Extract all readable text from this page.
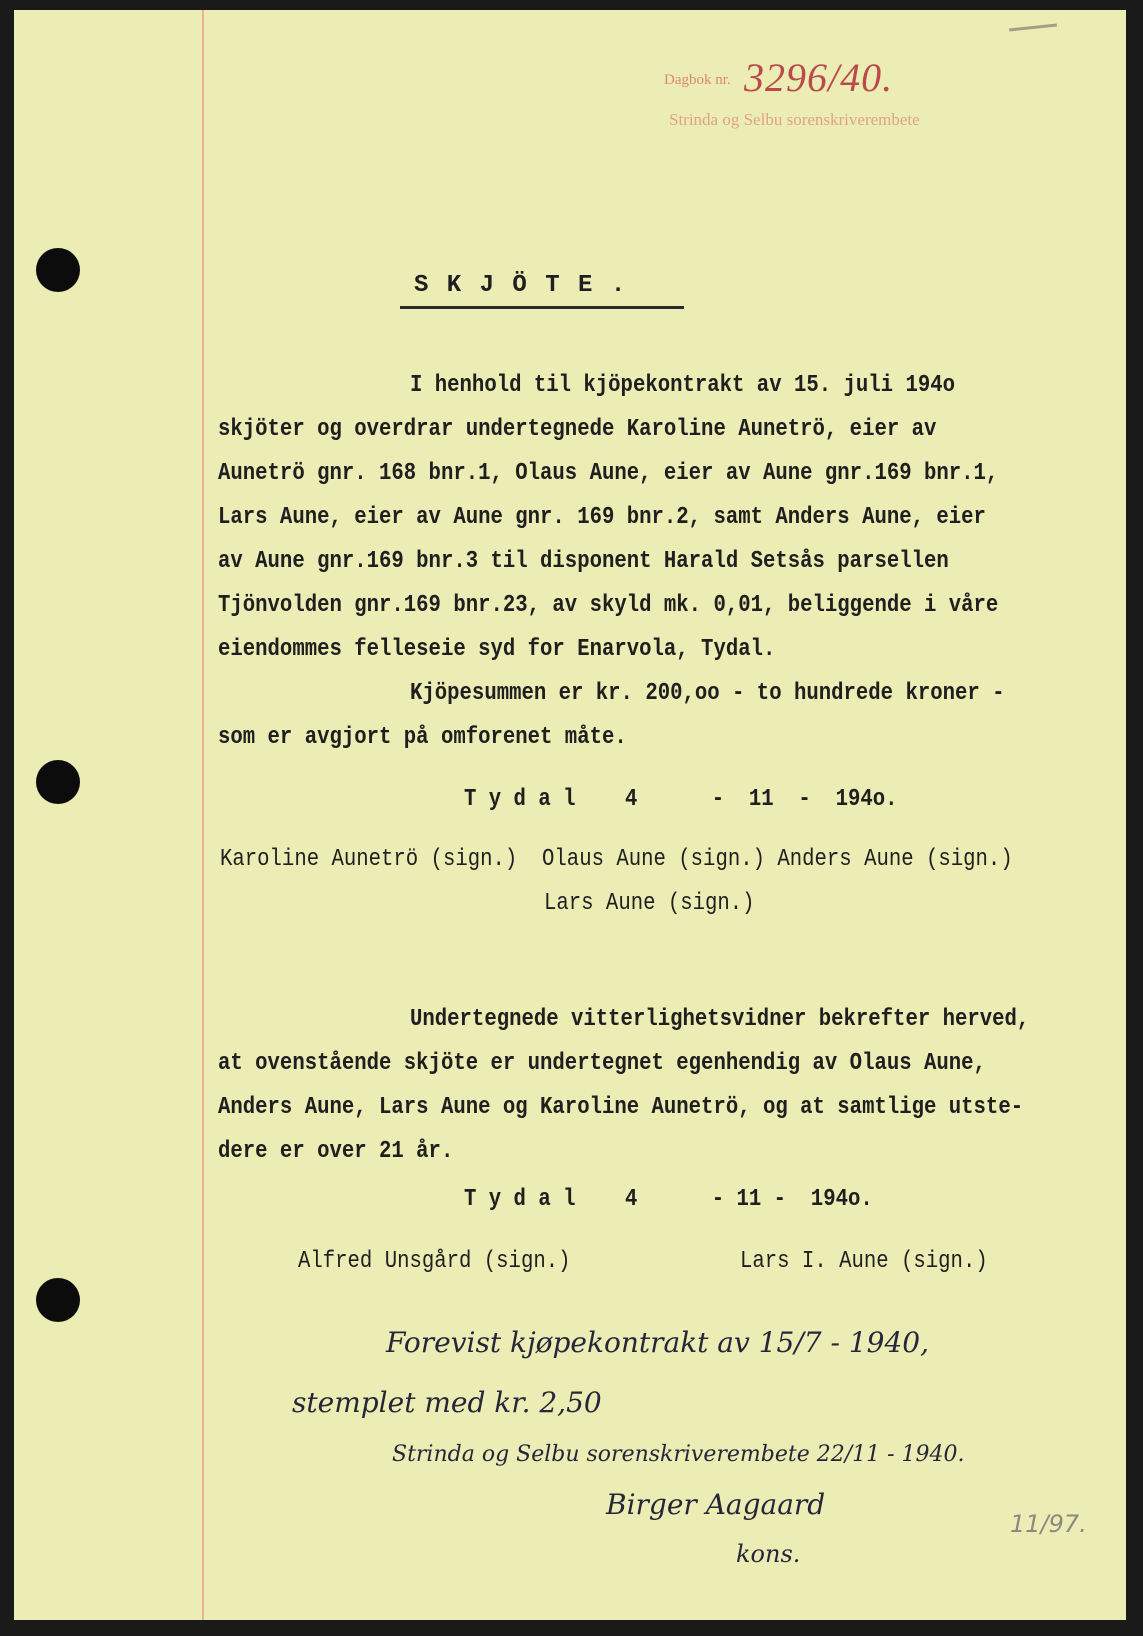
Dagbok nr. 3296/40.
Strinda og Selbu sorenskriverembete
S K J Ö T E .
I henhold til kjöpekontrakt av 15. juli 194o
skjöter og overdrar undertegnede Karoline Aunetrö, eier av
Aunetrö gnr. 168 bnr.1, Olaus Aune, eier av Aune gnr.169 bnr.1,
Lars Aune, eier av Aune gnr. 169 bnr.2, samt Anders Aune, eier
av Aune gnr.169 bnr.3 til disponent Harald Setsås parsellen
Tjönvolden gnr.169 bnr.23, av skyld mk. 0,01, beliggende i våre
eiendommes felleseie syd for Enarvola, Tydal.
Kjöpesummen er kr. 200,oo - to hundrede kroner -
som er avgjort på omforenet måte.
T y d a l    4      -  11  -  194o.
Karoline Aunetrö (sign.)  Olaus Aune (sign.) Anders Aune (sign.)
Lars Aune (sign.)
Undertegnede vitterlighetsvidner bekrefter herved,
at ovenstående skjöte er undertegnet egenhendig av Olaus Aune,
Anders Aune, Lars Aune og Karoline Aunetrö, og at samtlige utste-
dere er over 21 år.
T y d a l    4      - 11 -  194o.
Alfred Unsgård (sign.)	Lars I. Aune (sign.)
Forevist kjøpekontrakt av 15/7 - 1940,
stemplet med kr. 2,50
Strinda og Selbu sorenskriverembete 22/11 - 1940.
Birger Aagaard
kons.
11/97.
